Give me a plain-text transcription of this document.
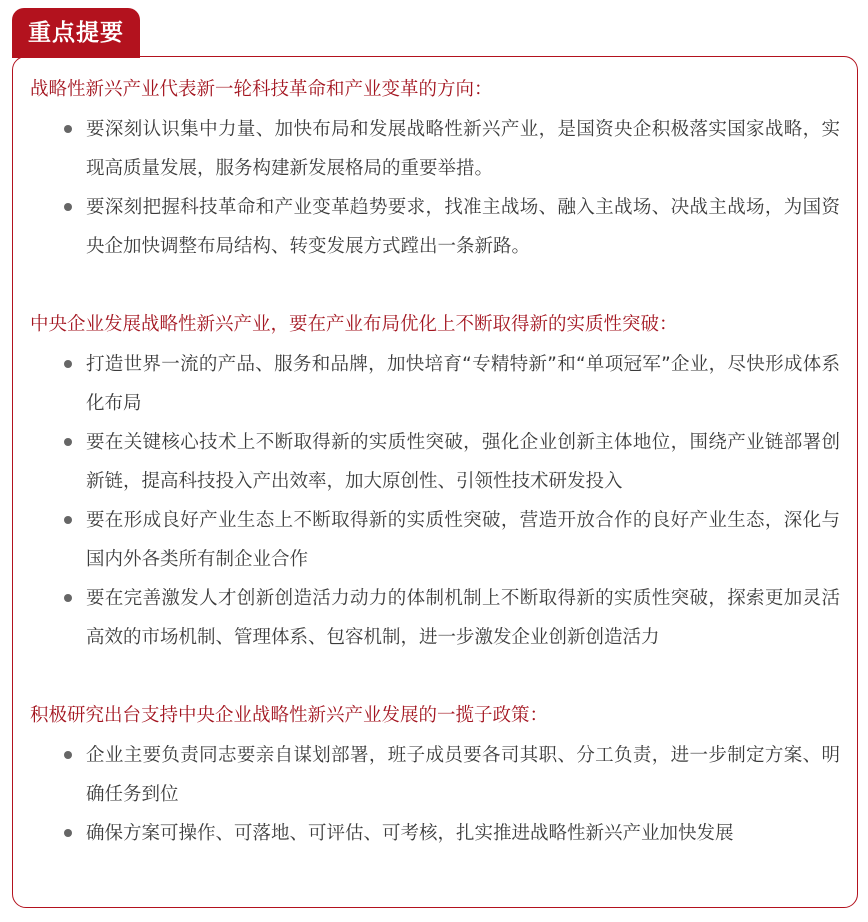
重点提要
战略性新兴产业代表新一轮科技革命和产业变革的方向：
要深刻认识集中力量、加快布局和发展战略性新兴产业，是国资央企积极落实国家战略，实现高质量发展，服务构建新发展格局的重要举措。
要深刻把握科技革命和产业变革趋势要求，找准主战场、融入主战场、决战主战场，为国资央企加快调整布局结构、转变发展方式蹚出一条新路。
中央企业发展战略性新兴产业，要在产业布局优化上不断取得新的实质性突破：
打造世界一流的产品、服务和品牌，加快培育“专精特新”和“单项冠军”企业，尽快形成体系化布局
要在关键核心技术上不断取得新的实质性突破，强化企业创新主体地位，围绕产业链部署创新链，提高科技投入产出效率，加大原创性、引领性技术研发投入
要在形成良好产业生态上不断取得新的实质性突破，营造开放合作的良好产业生态，深化与国内外各类所有制企业合作
要在完善激发人才创新创造活力动力的体制机制上不断取得新的实质性突破，探索更加灵活高效的市场机制、管理体系、包容机制，进一步激发企业创新创造活力
积极研究出台支持中央企业战略性新兴产业发展的一揽子政策：
企业主要负责同志要亲自谋划部署，班子成员要各司其职、分工负责，进一步制定方案、明确任务到位
确保方案可操作、可落地、可评估、可考核，扎实推进战略性新兴产业加快发展
